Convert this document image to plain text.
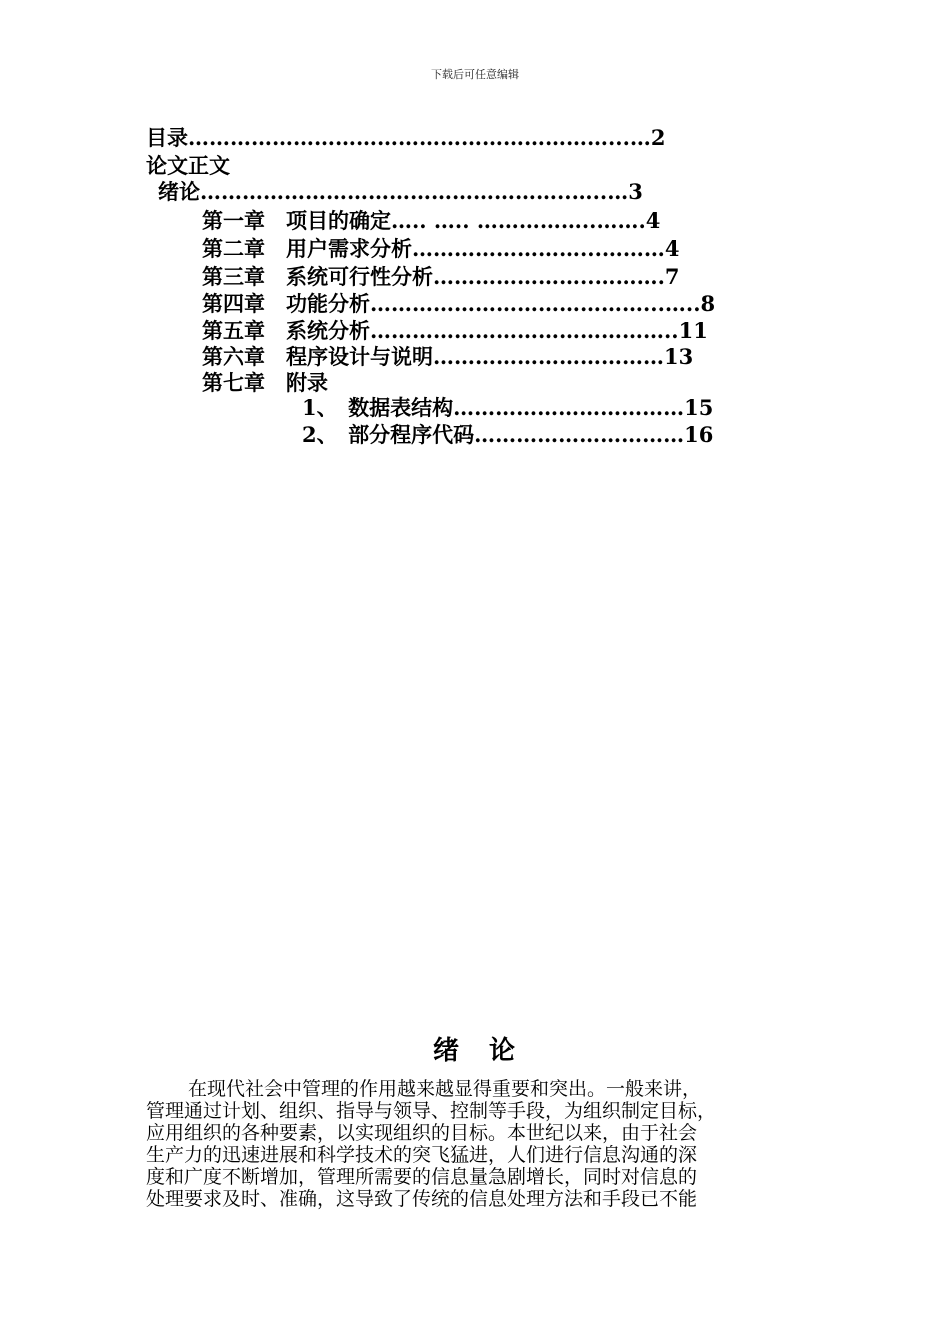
下载后可任意编辑
目录……………………………………………………...…2
论文正文
绪论……………………………………………..…..…3
第一章　项目的确定….. ….. ……………..…….4
第二章　用户需求分析……………………...………4
第三章　系统可行性分析…………………..……….7
第四章　功能分析…………………………………...…..8
第五章　系统分析……………………………………..11
第六章　程序设计与说明……………………………13
第七章　附录
1、　数据表结构……………………………15
2、　部分程序代码…………………………16
绪　论
在现代社会中管理的作用越来越显得重要和突出。一般来讲，
管理通过计划、组织、指导与领导、控制等手段，为组织制定目标，
应用组织的各种要素，以实现组织的目标。本世纪以来，由于社会
生产力的迅速进展和科学技术的突飞猛进，人们进行信息沟通的深
度和广度不断增加，管理所需要的信息量急剧增长，同时对信息的
处理要求及时、准确，这导致了传统的信息处理方法和手段已不能
